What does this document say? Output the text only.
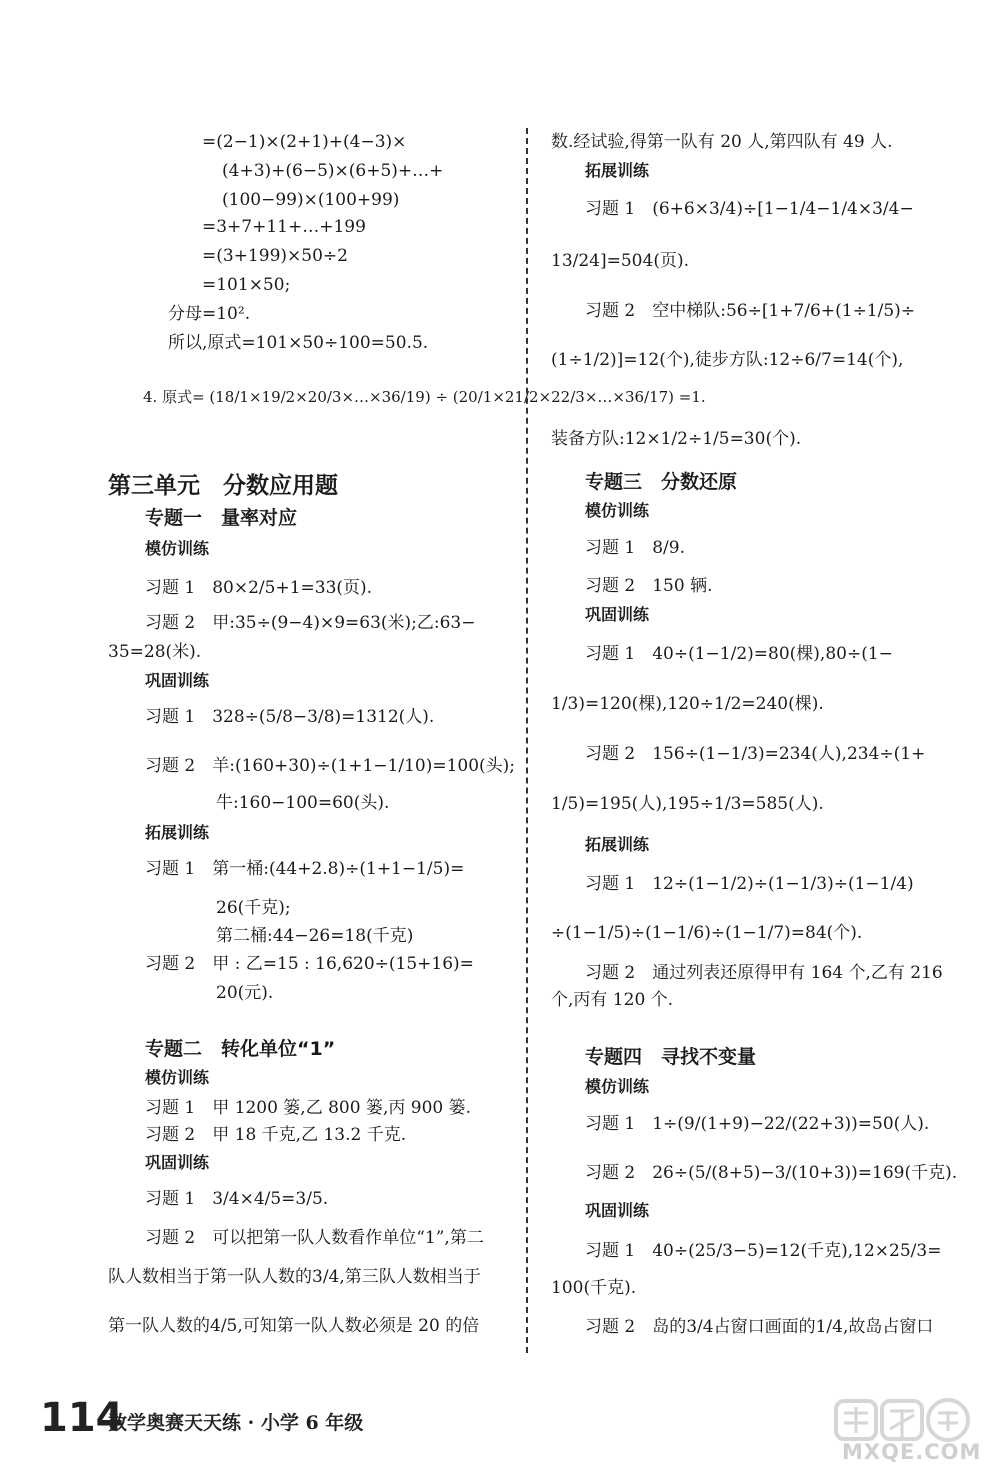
=(2−1)×(2+1)+(4−3)×
(4+3)+(6−5)×(6+5)+…+
(100−99)×(100+99)
=3+7+11+…+199
=(3+199)×50÷2
=101×50;
分母=10².
所以,原式=101×50÷100=50.5.
4. 原式= (18/1×19/2×20/3×…×36/19) ÷ (20/1×21/2×22/3×…×36/17) =1.
第三单元　分数应用题
专题一　量率对应
模仿训练
习题 1　80×2/5+1=33(页).
习题 2　甲:35÷(9−4)×9=63(米);乙:63−
35=28(米).
巩固训练
习题 1　328÷(5/8−3/8)=1312(人).
习题 2　羊:(160+30)÷(1+1−1/10)=100(头);
牛:160−100=60(头).
拓展训练
习题 1　第一桶:(44+2.8)÷(1+1−1/5)=
26(千克);
第二桶:44−26=18(千克)
习题 2　甲 : 乙=15 : 16,620÷(15+16)=
20(元).
专题二　转化单位“1”
模仿训练
习题 1　甲 1200 篓,乙 800 篓,丙 900 篓.
习题 2　甲 18 千克,乙 13.2 千克.
巩固训练
习题 1　3/4×4/5=3/5.
习题 2　可以把第一队人数看作单位“1”,第二
队人数相当于第一队人数的3/4,第三队人数相当于
第一队人数的4/5,可知第一队人数必须是 20 的倍
数.经试验,得第一队有 20 人,第四队有 49 人.
拓展训练
习题 1　(6+6×3/4)÷[1−1/4−1/4×3/4−
13/24]=504(页).
习题 2　空中梯队:56÷[1+7/6+(1÷1/5)÷
(1÷1/2)]=12(个),徒步方队:12÷6/7=14(个),
装备方队:12×1/2÷1/5=30(个).
专题三　分数还原
模仿训练
习题 1　8/9.
习题 2　150 辆.
巩固训练
习题 1　40÷(1−1/2)=80(棵),80÷(1−
1/3)=120(棵),120÷1/2=240(棵).
习题 2　156÷(1−1/3)=234(人),234÷(1+
1/5)=195(人),195÷1/3=585(人).
拓展训练
习题 1　12÷(1−1/2)÷(1−1/3)÷(1−1/4)
÷(1−1/5)÷(1−1/6)÷(1−1/7)=84(个).
习题 2　通过列表还原得甲有 164 个,乙有 216
个,丙有 120 个.
专题四　寻找不变量
模仿训练
习题 1　1÷(9/(1+9)−22/(22+3))=50(人).
习题 2　26÷(5/(8+5)−3/(10+3))=169(千克).
巩固训练
习题 1　40÷(25/3−5)=12(千克),12×25/3=
100(千克).
习题 2　岛的3/4占窗口画面的1/4,故岛占窗口
114
数学奥赛天天练 · 小学 6 年级
MXQE.COM
